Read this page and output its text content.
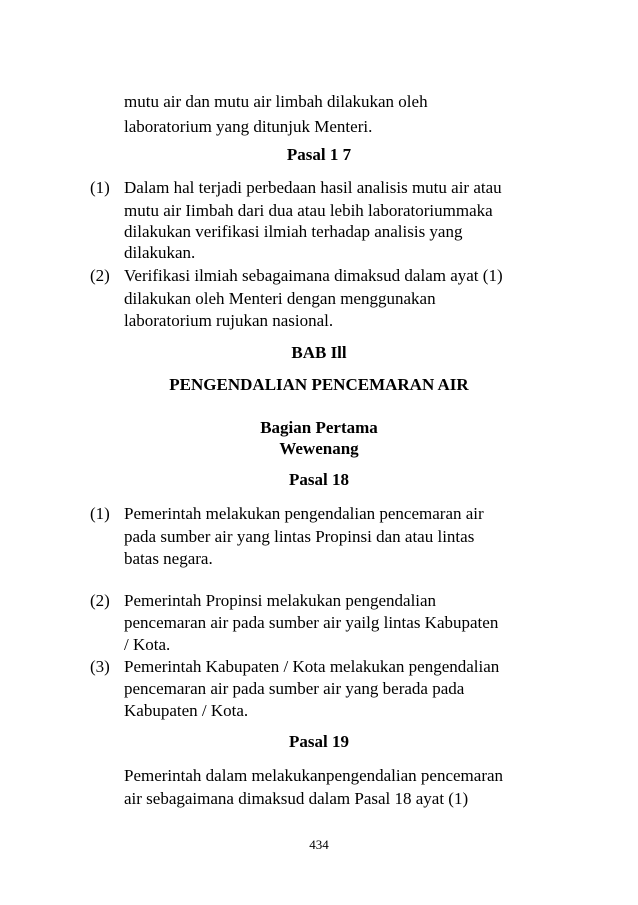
mutu air dan mutu air limbah dilakukan oleh
laboratorium yang ditunjuk Menteri.
Pasal 1 7
(1) Dalam hal terjadi perbedaan hasil analisis mutu air atau
mutu air Iimbah dari dua atau lebih laboratoriummaka
dilakukan verifikasi ilmiah terhadap analisis yang
dilakukan.
(2) Verifikasi ilmiah sebagaimana dimaksud dalam ayat (1)
dilakukan oleh Menteri dengan menggunakan
laboratorium rujukan nasional.
BAB Ill
PENGENDALIAN PENCEMARAN AIR
Bagian Pertama
Wewenang
Pasal 18
(1) Pemerintah melakukan pengendalian pencemaran air
pada sumber air yang lintas Propinsi dan atau lintas
batas negara.
(2) Pemerintah Propinsi melakukan pengendalian
pencemaran air pada sumber air yailg lintas Kabupaten
/ Kota.
(3) Pemerintah Kabupaten / Kota melakukan pengendalian
pencemaran air pada sumber air yang berada pada
Kabupaten / Kota.
Pasal 19
Pemerintah dalam melakukanpengendalian pencemaran
air sebagaimana dimaksud dalam Pasal 18 ayat (1)
434
